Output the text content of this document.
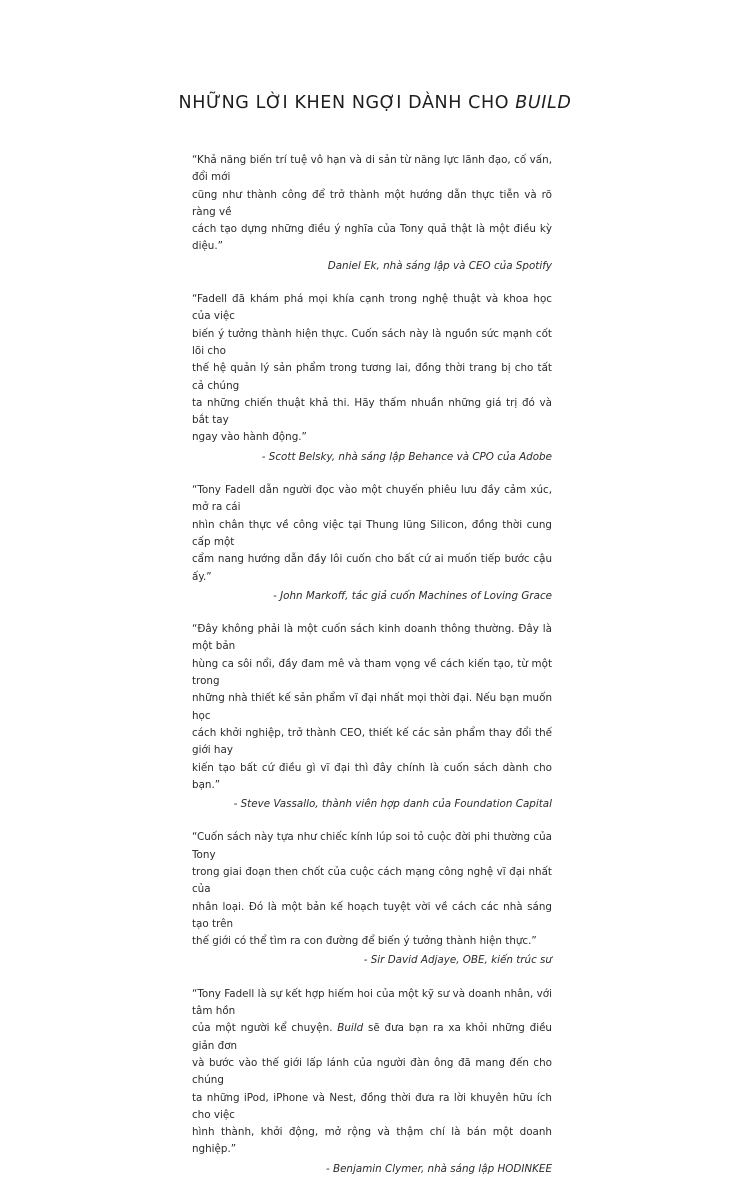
NHỮNG LỜI KHEN NGỢI DÀNH CHO BUILD

“Khả năng biến trí tuệ vô hạn và di sản từ năng lực lãnh đạo, cố vấn, đổi mới
cũng như thành công để trở thành một hướng dẫn thực tiễn và rõ ràng về
cách tạo dựng những điều ý nghĩa của Tony quả thật là một điều kỳ diệu.”

Daniel Ek, nhà sáng lập và CEO của Spotify

“Fadell đã khám phá mọi khía cạnh trong nghệ thuật và khoa học của việc
biến ý tưởng thành hiện thực. Cuốn sách này là nguồn sức mạnh cốt lõi cho
thế hệ quản lý sản phẩm trong tương lai, đồng thời trang bị cho tất cả chúng
ta những chiến thuật khả thi. Hãy thấm nhuần những giá trị đó và bắt tay
ngay vào hành động.”

- Scott Belsky, nhà sáng lập Behance và CPO của Adobe

“Tony Fadell dẫn người đọc vào một chuyến phiêu lưu đầy cảm xúc, mở ra cái
nhìn chân thực về công việc tại Thung lũng Silicon, đồng thời cung cấp một
cẩm nang hướng dẫn đầy lôi cuốn cho bất cứ ai muốn tiếp bước cậu ấy.”

- John Markoff, tác giả cuốn Machines of Loving Grace

“Đây không phải là một cuốn sách kinh doanh thông thường. Đây là một bản
hùng ca sôi nổi, đầy đam mê và tham vọng về cách kiến tạo, từ một trong
những nhà thiết kế sản phẩm vĩ đại nhất mọi thời đại. Nếu bạn muốn học
cách khởi nghiệp, trở thành CEO, thiết kế các sản phẩm thay đổi thế giới hay
kiến tạo bất cứ điều gì vĩ đại thì đây chính là cuốn sách dành cho bạn.”

- Steve Vassallo, thành viên hợp danh của Foundation Capital

“Cuốn sách này tựa như chiếc kính lúp soi tỏ cuộc đời phi thường của Tony
trong giai đoạn then chốt của cuộc cách mạng công nghệ vĩ đại nhất của
nhân loại. Đó là một bản kế hoạch tuyệt vời về cách các nhà sáng tạo trên
thế giới có thể tìm ra con đường để biến ý tưởng thành hiện thực.”

- Sir David Adjaye, OBE, kiến trúc sư

“Tony Fadell là sự kết hợp hiếm hoi của một kỹ sư và doanh nhân, với tâm hồn
của một người kể chuyện. Build sẽ đưa bạn ra xa khỏi những điều giản đơn
và bước vào thế giới lấp lánh của người đàn ông đã mang đến cho chúng
ta những iPod, iPhone và Nest, đồng thời đưa ra lời khuyên hữu ích cho việc
hình thành, khởi động, mở rộng và thậm chí là bán một doanh nghiệp.”

- Benjamin Clymer, nhà sáng lập HODINKEE
